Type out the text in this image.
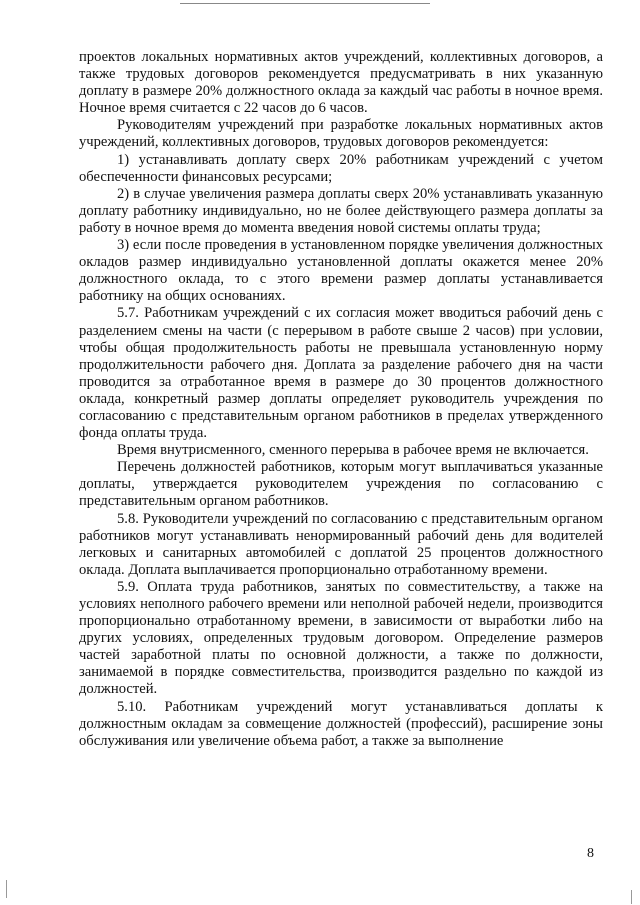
проектов локальных нормативных актов учреждений, коллективных договоров, а также трудовых договоров рекомендуется предусматривать в них указанную доплату в размере 20% должностного оклада за каждый час работы в ночное время. Ночное время считается с 22 часов до 6 часов.

Руководителям учреждений при разработке локальных нормативных актов учреждений, коллективных договоров, трудовых договоров рекомендуется:

1) устанавливать доплату сверх 20% работникам учреждений с учетом обеспеченности финансовых ресурсами;

2) в случае увеличения размера доплаты сверх 20% устанавливать указанную доплату работнику индивидуально, но не более действующего размера доплаты за работу в ночное время до момента введения новой системы оплаты труда;

3) если после проведения в установленном порядке увеличения должностных окладов размер индивидуально установленной доплаты окажется менее 20% должностного оклада, то с этого времени размер доплаты устанавливается работнику на общих основаниях.

5.7. Работникам учреждений с их согласия может вводиться рабочий день с разделением смены на части (с перерывом в работе свыше 2 часов) при условии, чтобы общая продолжительность работы не превышала установленную норму продолжительности рабочего дня. Доплата за разделение рабочего дня на части проводится за отработанное время в размере до 30 процентов должностного оклада, конкретный размер доплаты определяет руководитель учреждения по согласованию с представительным органом работников в пределах утвержденного фонда оплаты труда.

Время внутрисменного, сменного перерыва в рабочее время не включается.

Перечень должностей работников, которым могут выплачиваться указанные доплаты, утверждается руководителем учреждения по согласованию с представительным органом работников.

5.8. Руководители учреждений по согласованию с представительным органом работников могут устанавливать ненормированный рабочий день для водителей легковых и санитарных автомобилей с доплатой 25 процентов должностного оклада. Доплата выплачивается пропорционально отработанному времени.

5.9. Оплата труда работников, занятых по совместительству, а также на условиях неполного рабочего времени или неполной рабочей недели, производится пропорционально отработанному времени, в зависимости от выработки либо на других условиях, определенных трудовым договором. Определение размеров частей заработной платы по основной должности, а также по должности, занимаемой в порядке совместительства, производится раздельно по каждой из должностей.

5.10. Работникам учреждений могут устанавливаться доплаты к должностным окладам за совмещение должностей (профессий), расширение зоны обслуживания или увеличение объема работ, а также за выполнение

8
